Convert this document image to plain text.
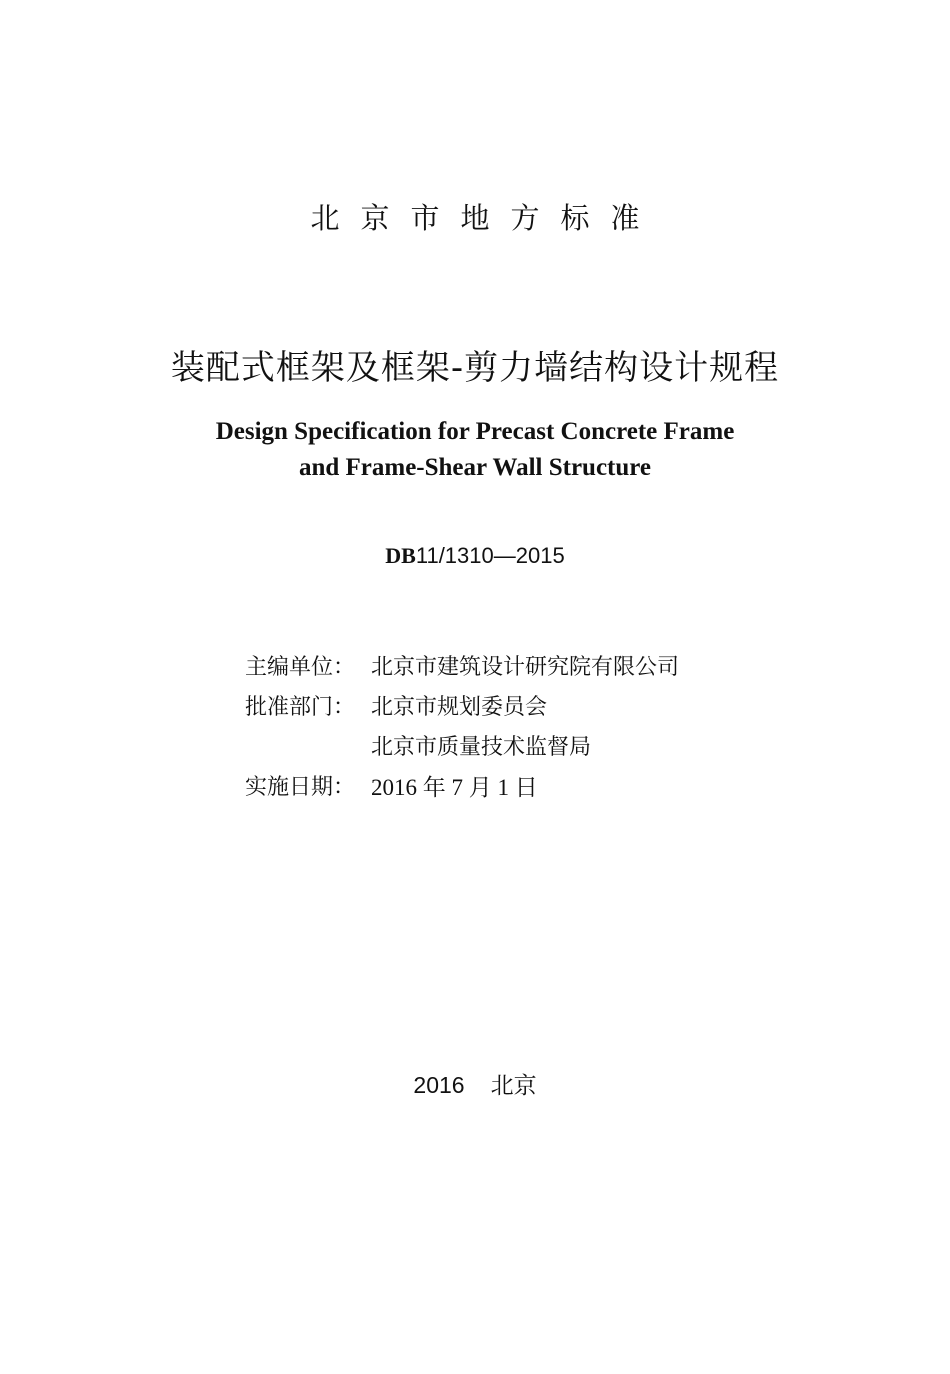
北京市地方标准
装配式框架及框架-剪力墙结构设计规程
Design Specification for Precast Concrete Frame
and Frame-Shear Wall Structure
DB11/1310—2015
主编单位： 北京市建筑设计研究院有限公司
批准部门： 北京市规划委员会
北京市质量技术监督局
实施日期： 2016 年 7 月 1 日
2016 北京
